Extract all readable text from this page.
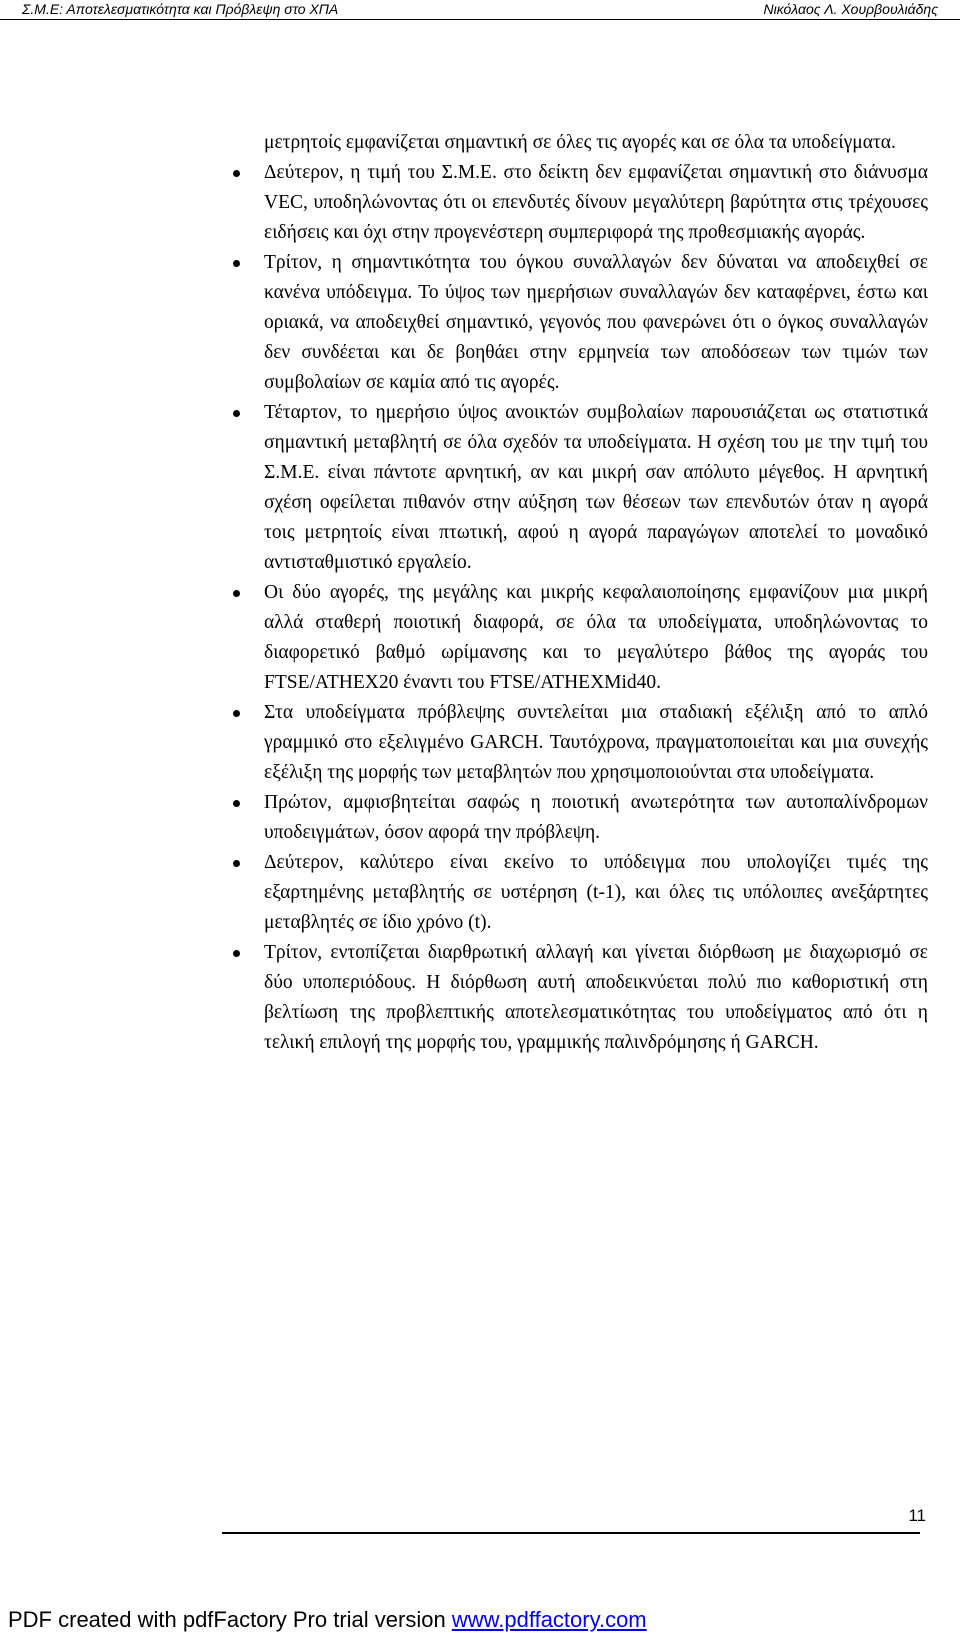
Σ.Μ.Ε: Αποτελεσματικότητα και Πρόβλεψη στο ΧΠΑ	Νικόλαος Λ. Χουρβουλιάδης

μετρητοίς εμφανίζεται σημαντική σε όλες τις αγορές και σε όλα τα υποδείγματα.

Δεύτερον, η τιμή του Σ.Μ.Ε. στο δείκτη δεν εμφανίζεται σημαντική στο διάνυσμα VEC, υποδηλώνοντας ότι οι επενδυτές δίνουν μεγαλύτερη βαρύτητα στις τρέχουσες ειδήσεις και όχι στην προγενέστερη συμπεριφορά της προθεσμιακής αγοράς.
Τρίτον, η σημαντικότητα του όγκου συναλλαγών δεν δύναται να αποδειχθεί σε κανένα υπόδειγμα. Το ύψος των ημερήσιων συναλλαγών δεν καταφέρνει, έστω και οριακά, να αποδειχθεί σημαντικό, γεγονός που φανερώνει ότι ο όγκος συναλλαγών δεν συνδέεται και δε βοηθάει στην ερμηνεία των αποδόσεων των τιμών των συμβολαίων σε καμία από τις αγορές.
Τέταρτον, το ημερήσιο ύψος ανοικτών συμβολαίων παρουσιάζεται ως στατιστικά σημαντική μεταβλητή σε όλα σχεδόν τα υποδείγματα. Η σχέση του με την τιμή του Σ.Μ.Ε. είναι πάντοτε αρνητική, αν και μικρή σαν απόλυτο μέγεθος. Η αρνητική σχέση οφείλεται πιθανόν στην αύξηση των θέσεων των επενδυτών όταν η αγορά τοις μετρητοίς είναι πτωτική, αφού η αγορά παραγώγων αποτελεί το μοναδικό αντισταθμιστικό εργαλείο.
Οι δύο αγορές, της μεγάλης και μικρής κεφαλαιοποίησης εμφανίζουν μια μικρή αλλά σταθερή ποιοτική διαφορά, σε όλα τα υποδείγματα, υποδηλώνοντας το διαφορετικό βαθμό ωρίμανσης και το μεγαλύτερο βάθος της αγοράς του FTSE/ATHEX20 έναντι του FTSE/ATHEXMid40.
Στα υποδείγματα πρόβλεψης συντελείται μια σταδιακή εξέλιξη από το απλό γραμμικό στο εξελιγμένο GARCH. Ταυτόχρονα, πραγματοποιείται και μια συνεχής εξέλιξη της μορφής των μεταβλητών που χρησιμοποιούνται στα υποδείγματα.
Πρώτον, αμφισβητείται σαφώς η ποιοτική ανωτερότητα των αυτοπαλίνδρομων υποδειγμάτων, όσον αφορά την πρόβλεψη.
Δεύτερον, καλύτερο είναι εκείνο το υπόδειγμα που υπολογίζει τιμές της εξαρτημένης μεταβλητής σε υστέρηση (t-1), και όλες τις υπόλοιπες ανεξάρτητες μεταβλητές σε ίδιο χρόνο (t).
Τρίτον, εντοπίζεται διαρθρωτική αλλαγή και γίνεται διόρθωση με διαχωρισμό σε δύο υποπεριόδους. Η διόρθωση αυτή αποδεικνύεται πολύ πιο καθοριστική στη βελτίωση της προβλεπτικής αποτελεσματικότητας του υποδείγματος από ότι η τελική επιλογή της μορφής του, γραμμικής παλινδρόμησης ή GARCH.
11
PDF created with pdfFactory Pro trial version www.pdffactory.com
